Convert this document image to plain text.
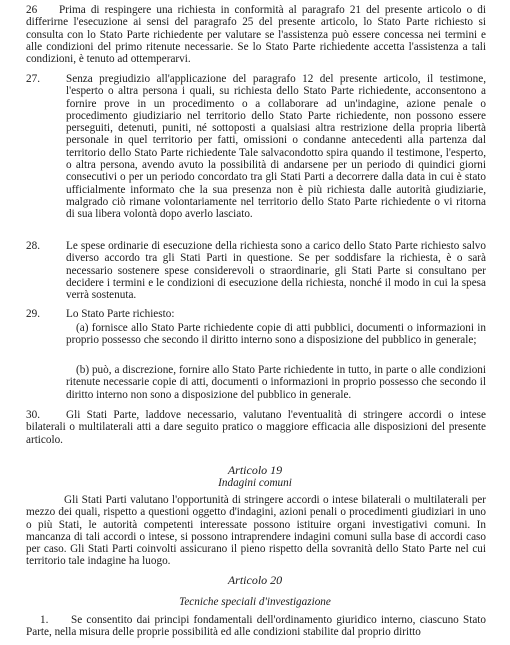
26	Prima di respingere una richiesta in conformità al paragrafo 21 del presente articolo o di differirne l'esecuzione ai sensi del paragrafo 25 del presente articolo, lo Stato Parte richiesto si consulta con lo Stato Parte richiedente per valutare se l'assistenza può essere concessa nei termini e alle condizioni del primo ritenute necessarie. Se lo Stato Parte richiedente accetta l'assistenza a tali condizioni, è tenuto ad ottemperarvi.
27. Senza pregiudizio all'applicazione del paragrafo 12 del presente articolo, il testimone, l'esperto o altra persona i quali, su richiesta dello Stato Parte richiedente, acconsentono a fornire prove in un procedimento o a collaborare ad un'indagine, azione penale o procedimento giudiziario nel territorio dello Stato Parte richiedente, non possono essere perseguiti, detenuti, puniti, né sottoposti a qualsiasi altra restrizione della propria libertà personale in quel territorio per fatti, omissioni o condanne antecedenti alla partenza dal territorio dello Stato Parte richiedente Tale salvacondotto spira quando il testimone, l'esperto, o altra persona, avendo avuto la possibilità di andarsene per un periodo di quindici giorni consecutivi o per un periodo concordato tra gli Stati Parti a decorrere dalla data in cui è stato ufficialmente informato che la sua presenza non è più richiesta dalle autorità giudiziarie, malgrado ciò rimane volontariamente nel territorio dello Stato Parte richiedente o vi ritorna di sua libera volontà dopo averlo lasciato.
28. Le spese ordinarie di esecuzione della richiesta sono a carico dello Stato Parte richiesto salvo diverso accordo tra gli Stati Parti in questione. Se per soddisfare la richiesta, è o sarà necessario sostenere spese considerevoli o straordinarie, gli Stati Parte si consultano per decidere i termini e le condizioni di esecuzione della richiesta, nonché il modo in cui la spesa verrà sostenuta.
29. Lo Stato Parte richiesto:
(a) fornisce allo Stato Parte richiedente copie di atti pubblici, documenti o informazioni in proprio possesso che secondo il diritto interno sono a disposizione del pubblico in generale;
(b) può, a discrezione, fornire allo Stato Parte richiedente in tutto, in parte o alle condizioni ritenute necessarie copie di atti, documenti o informazioni in proprio possesso che secondo il diritto interno non sono a disposizione del pubblico in generale.
30.	Gli Stati Parte, laddove necessario, valutano l'eventualità di stringere accordi o intese bilaterali o multilaterali atti a dare seguito pratico o maggiore efficacia alle disposizioni del presente articolo.
Articolo 19
Indagini comuni
Gli Stati Parti valutano l'opportunità di stringere accordi o intese bilaterali o multilaterali per mezzo dei quali, rispetto a questioni oggetto d'indagini, azioni penali o procedimenti giudiziari in uno o più Stati, le autorità competenti interessate possono istituire organi investigativi comuni. In mancanza di tali accordi o intese, si possono intraprendere indagini comuni sulla base di accordi caso per caso. Gli Stati Parti coinvolti assicurano il pieno rispetto della sovranità dello Stato Parte nel cui territorio tale indagine ha luogo.
Articolo 20
Tecniche speciali d'investigazione
1.	Se consentito dai principi fondamentali dell'ordinamento giuridico interno, ciascuno Stato Parte, nella misura delle proprie possibilità ed alle condizioni stabilite dal proprio diritto
